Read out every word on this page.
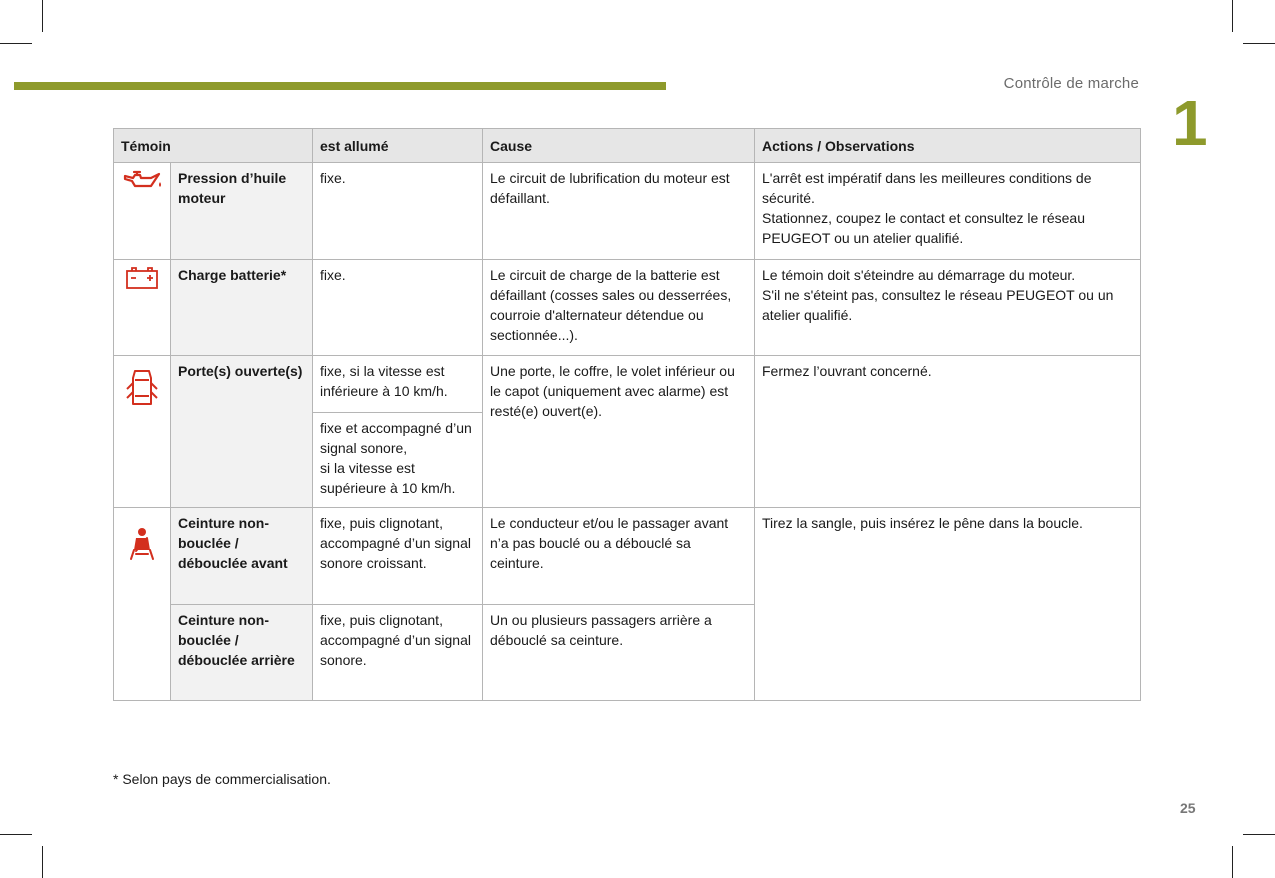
Contrôle de marche
1
Témoin		est allumé	Cause	Actions / Observations

	Pression d’huile moteur	fixe.	Le circuit de lubrification du moteur est défaillant.	L'arrêt est impératif dans les meilleures conditions de sécurité.
Stationnez, coupez le contact et consultez le réseau PEUGEOT ou un atelier qualifié.

	Charge batterie*	fixe.	Le circuit de charge de la batterie est défaillant (cosses sales ou desserrées, courroie d'alternateur détendue ou sectionnée...).	Le témoin doit s'éteindre au démarrage du moteur.
S'il ne s'éteint pas, consultez le réseau PEUGEOT ou un atelier qualifié.

	Porte(s) ouverte(s)	fixe, si la vitesse est inférieure à 10 km/h.	Une porte, le coffre, le volet inférieur ou le capot (uniquement avec alarme) est resté(e) ouvert(e).	Fermez l’ouvrant concerné.
		fixe et accompagné d’un signal sonore,
si la vitesse est supérieure à 10 km/h.		

	Ceinture non-bouclée / débouclée avant	fixe, puis clignotant, accompagné d’un signal sonore croissant.	Le conducteur et/ou le passager avant n’a pas bouclé ou a débouclé sa ceinture.	Tirez la sangle, puis insérez le pêne dans la boucle.
	Ceinture non-bouclée / débouclée arrière	fixe, puis clignotant, accompagné d’un signal sonore.	Un ou plusieurs passagers arrière a débouclé sa ceinture.	
* Selon pays de commercialisation.
25
